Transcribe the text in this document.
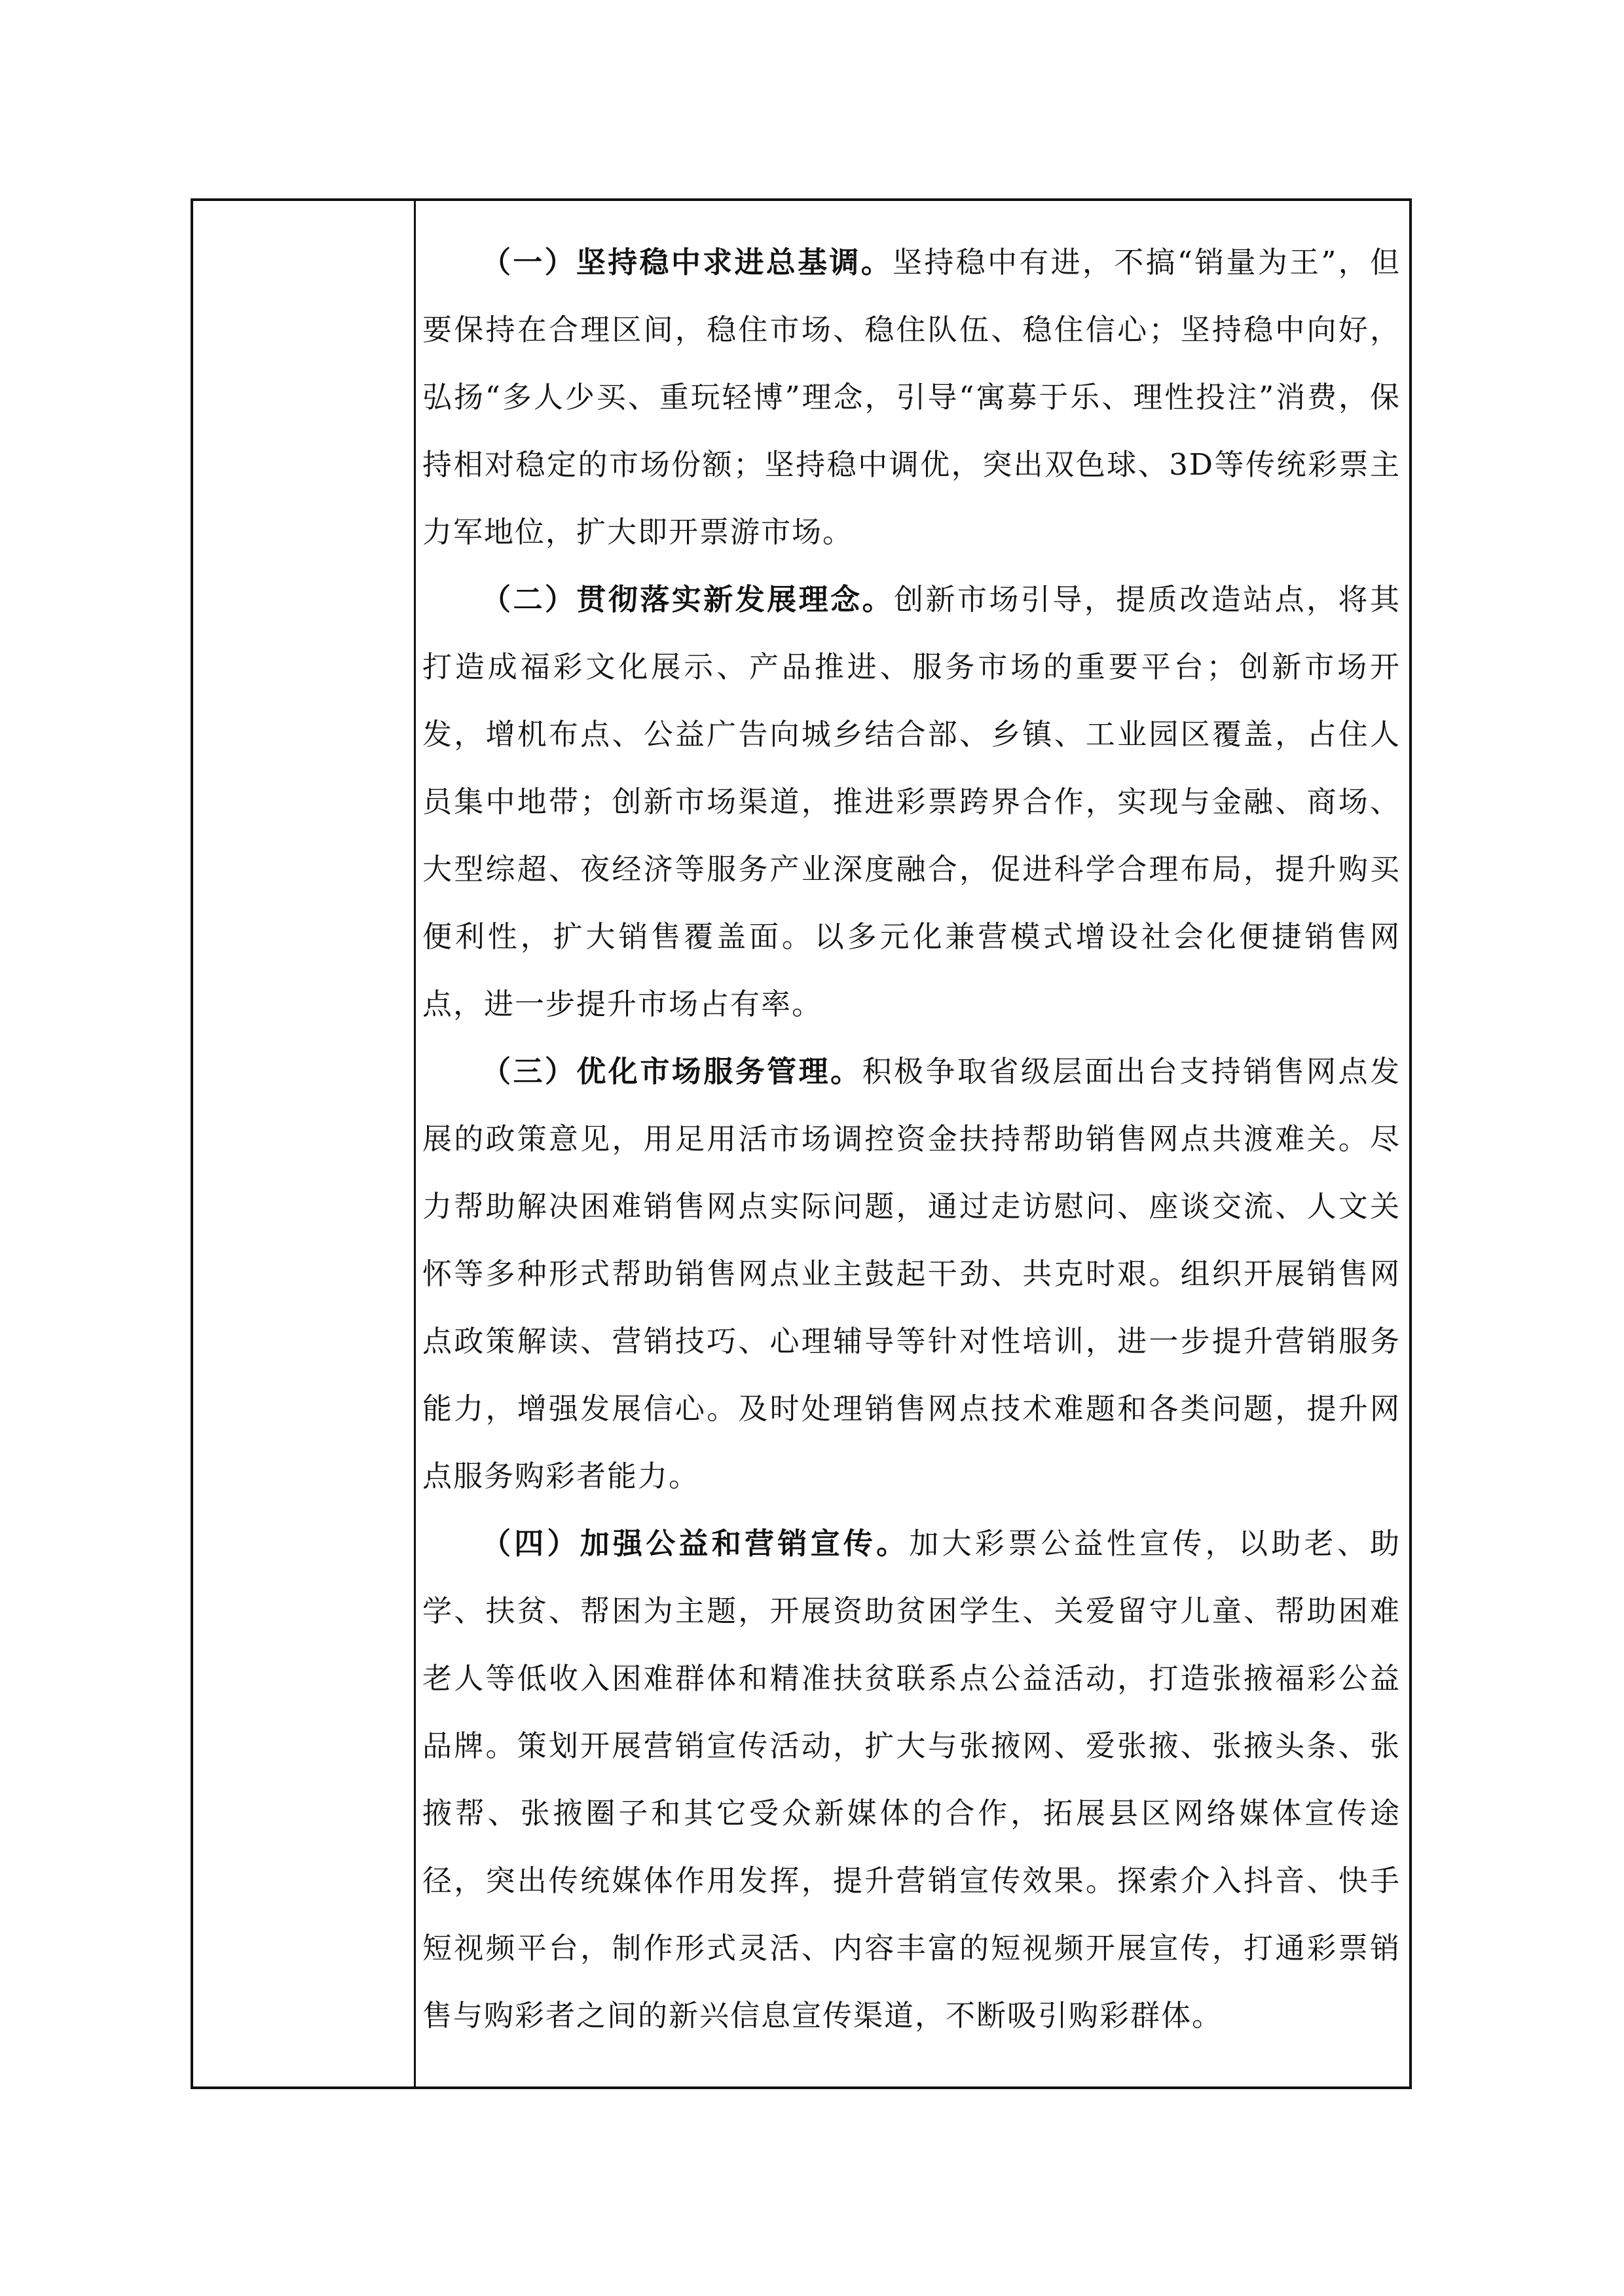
（一）坚持稳中求进总基调。坚持稳中有进，不搞“销量为王”，但要保持在合理区间，稳住市场、稳住队伍、稳住信心；坚持稳中向好，弘扬“多人少买、重玩轻博”理念，引导“寓募于乐、理性投注”消费，保持相对稳定的市场份额；坚持稳中调优，突出双色球、3D等传统彩票主力军地位，扩大即开票游市场。

（二）贯彻落实新发展理念。创新市场引导，提质改造站点，将其打造成福彩文化展示、产品推进、服务市场的重要平台；创新市场开发，增机布点、公益广告向城乡结合部、乡镇、工业园区覆盖，占住人员集中地带；创新市场渠道，推进彩票跨界合作，实现与金融、商场、大型综超、夜经济等服务产业深度融合，促进科学合理布局，提升购买便利性，扩大销售覆盖面。以多元化兼营模式增设社会化便捷销售网点，进一步提升市场占有率。

（三）优化市场服务管理。积极争取省级层面出台支持销售网点发展的政策意见，用足用活市场调控资金扶持帮助销售网点共渡难关。尽力帮助解决困难销售网点实际问题，通过走访慰问、座谈交流、人文关怀等多种形式帮助销售网点业主鼓起干劲、共克时艰。组织开展销售网点政策解读、营销技巧、心理辅导等针对性培训，进一步提升营销服务能力，增强发展信心。及时处理销售网点技术难题和各类问题，提升网点服务购彩者能力。

（四）加强公益和营销宣传。加大彩票公益性宣传，以助老、助学、扶贫、帮困为主题，开展资助贫困学生、关爱留守儿童、帮助困难老人等低收入困难群体和精准扶贫联系点公益活动，打造张掖福彩公益品牌。策划开展营销宣传活动，扩大与张掖网、爱张掖、张掖头条、张掖帮、张掖圈子和其它受众新媒体的合作，拓展县区网络媒体宣传途径，突出传统媒体作用发挥，提升营销宣传效果。探索介入抖音、快手短视频平台，制作形式灵活、内容丰富的短视频开展宣传，打通彩票销售与购彩者之间的新兴信息宣传渠道，不断吸引购彩群体。
